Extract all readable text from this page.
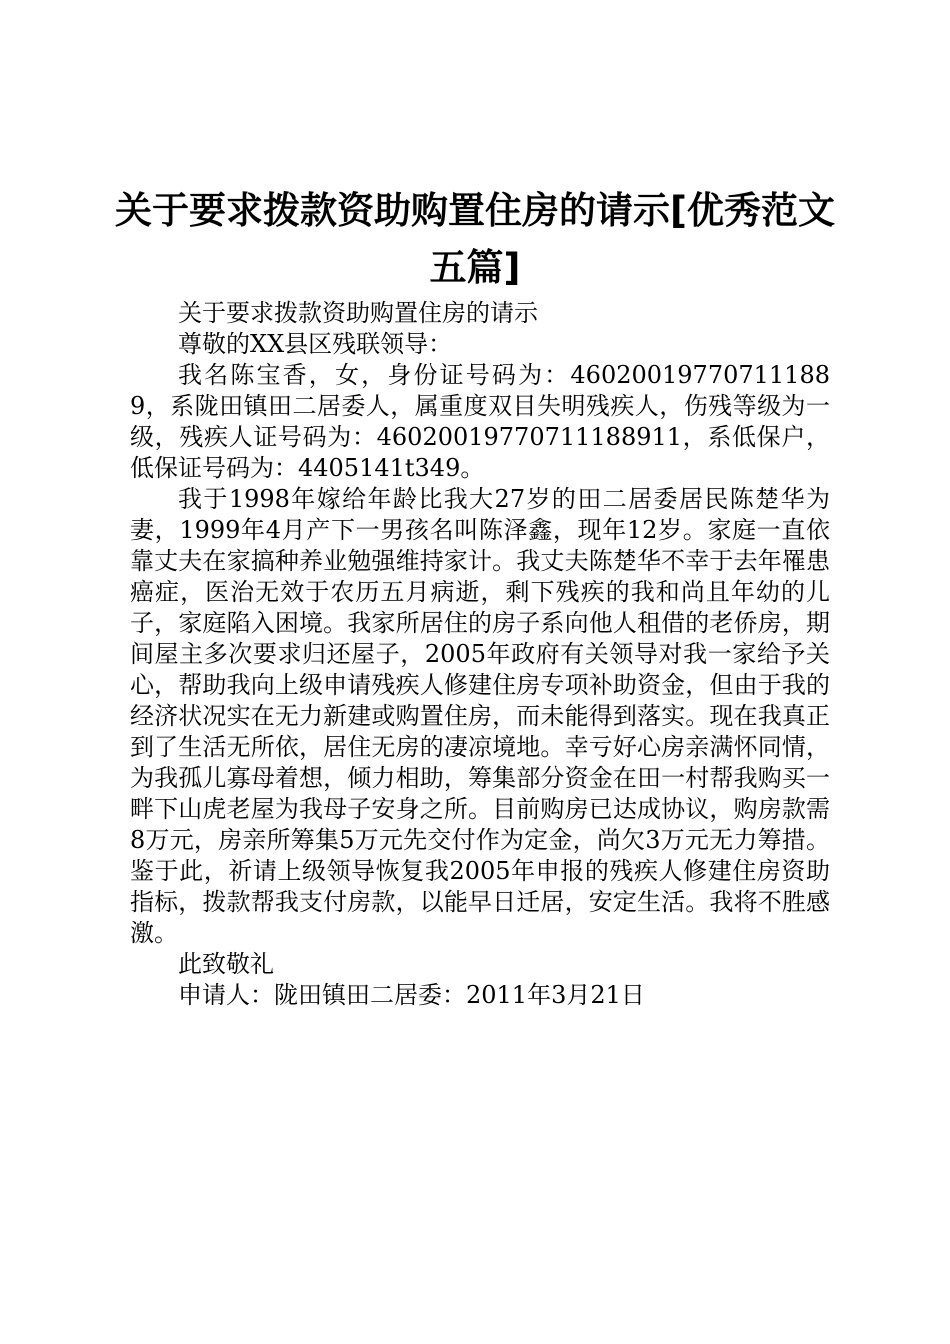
关于要求拨款资助购置住房的请示[优秀范文
五篇]

关于要求拨款资助购置住房的请示

尊敬的XX县区残联领导：

我名陈宝香，女，身份证号码为：460200197707111889，系陇田镇田二居委人，属重度双目失明残疾人，伤残等级为一级，残疾人证号码为：46020019770711188911，系低保户，低保证号码为：4405141t349。

我于1998年嫁给年龄比我大27岁的田二居委居民陈楚华为妻，1999年4月产下一男孩名叫陈泽鑫，现年12岁。家庭一直依靠丈夫在家搞种养业勉强维持家计。我丈夫陈楚华不幸于去年罹患癌症，医治无效于农历五月病逝，剩下残疾的我和尚且年幼的儿子，家庭陷入困境。我家所居住的房子系向他人租借的老侨房，期间屋主多次要求归还屋子，2005年政府有关领导对我一家给予关心，帮助我向上级申请残疾人修建住房专项补助资金，但由于我的经济状况实在无力新建或购置住房，而未能得到落实。现在我真正到了生活无所依，居住无房的凄凉境地。幸亏好心房亲满怀同情，为我孤儿寡母着想，倾力相助，筹集部分资金在田一村帮我购买一畔下山虎老屋为我母子安身之所。目前购房已达成协议，购房款需8万元，房亲所筹集5万元先交付作为定金，尚欠3万元无力筹措。鉴于此，祈请上级领导恢复我2005年申报的残疾人修建住房资助指标，拨款帮我支付房款，以能早日迁居，安定生活。我将不胜感激。

此致敬礼

申请人：陇田镇田二居委：2011年3月21日
